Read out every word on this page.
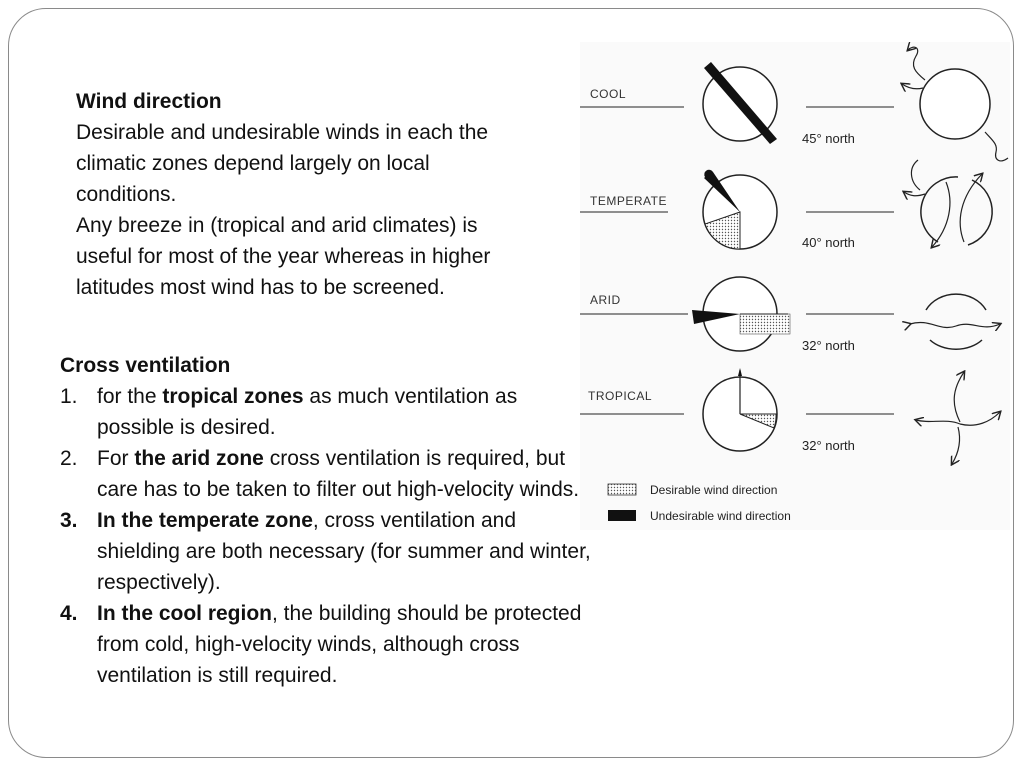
Wind direction

Desirable and undesirable winds in each the climatic zones depend largely on local conditions.

Any breeze in (tropical and arid climates) is useful for most of the year whereas in higher latitudes most wind has to be screened.

Cross ventilation
1. for the tropical zones as much ventilation as possible is desired.
2. For the arid zone cross ventilation is required, but care has to be taken to filter out high-velocity winds.
3. In the temperate zone, cross ventilation and shielding are both necessary (for summer and winter, respectively).
4. In the cool region, the building should be protected from cold, high-velocity winds, although cross ventilation is still required.
COOL
45° north
TEMPERATE
40° north
ARID
32° north
TROPICAL
32° north
Desirable wind direction
Undesirable wind direction
